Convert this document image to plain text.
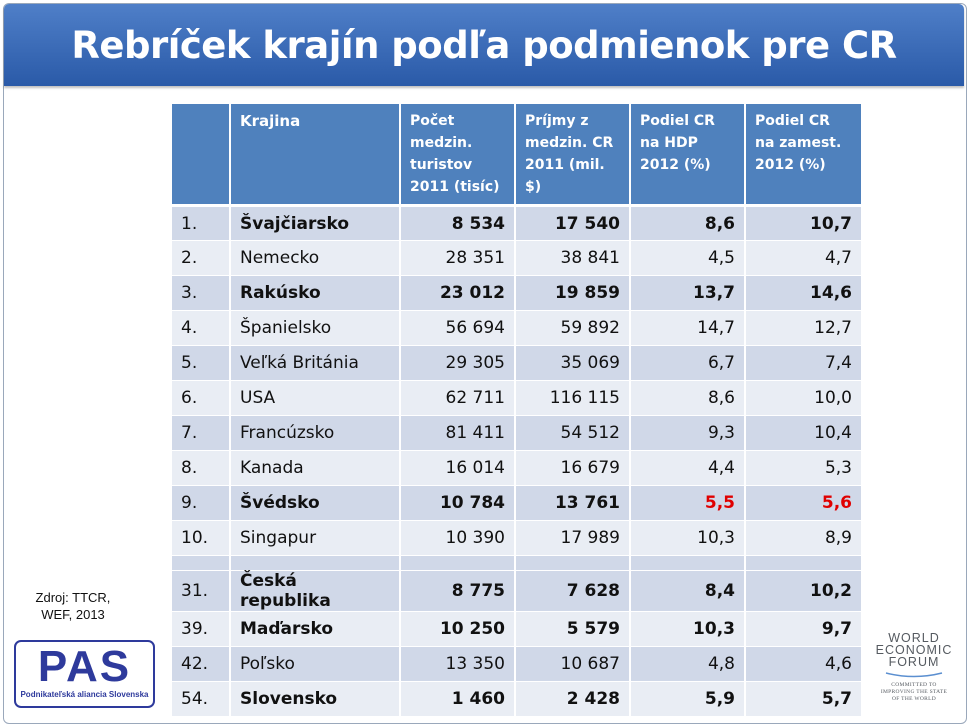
Rebríček krajín podľa podmienok pre CR
	Krajina	Počet medzin. turistov 2011 (tisíc)	Príjmy z medzin. CR 2011 (mil. $)	Podiel CR na HDP 2012 (%)	Podiel CR na zamest. 2012 (%)
1.	Švajčiarsko	8 534	17 540	8,6	10,7
2.	Nemecko	28 351	38 841	4,5	4,7
3.	Rakúsko	23 012	19 859	13,7	14,6
4.	Španielsko	56 694	59 892	14,7	12,7
5.	Veľká Británia	29 305	35 069	6,7	7,4
6.	USA	62 711	116 115	8,6	10,0
7.	Francúzsko	81 411	54 512	9,3	10,4
8.	Kanada	16 014	16 679	4,4	5,3
9.	Švédsko	10 784	13 761	5,5	5,6
10.	Singapur	10 390	17 989	10,3	8,9

31.	Česká republika	8 775	7 628	8,4	10,2
39.	Maďarsko	10 250	5 579	10,3	9,7
42.	Poľsko	13 350	10 687	4,8	4,6
54.	Slovensko	1 460	2 428	5,9	5,7
Zdroj: TTCR,
WEF, 2013
PAS
Podnikateľská aliancia Slovenska
WORLD
ECONOMIC
FORUM
COMMITTED TO
IMPROVING THE STATE
OF THE WORLD
